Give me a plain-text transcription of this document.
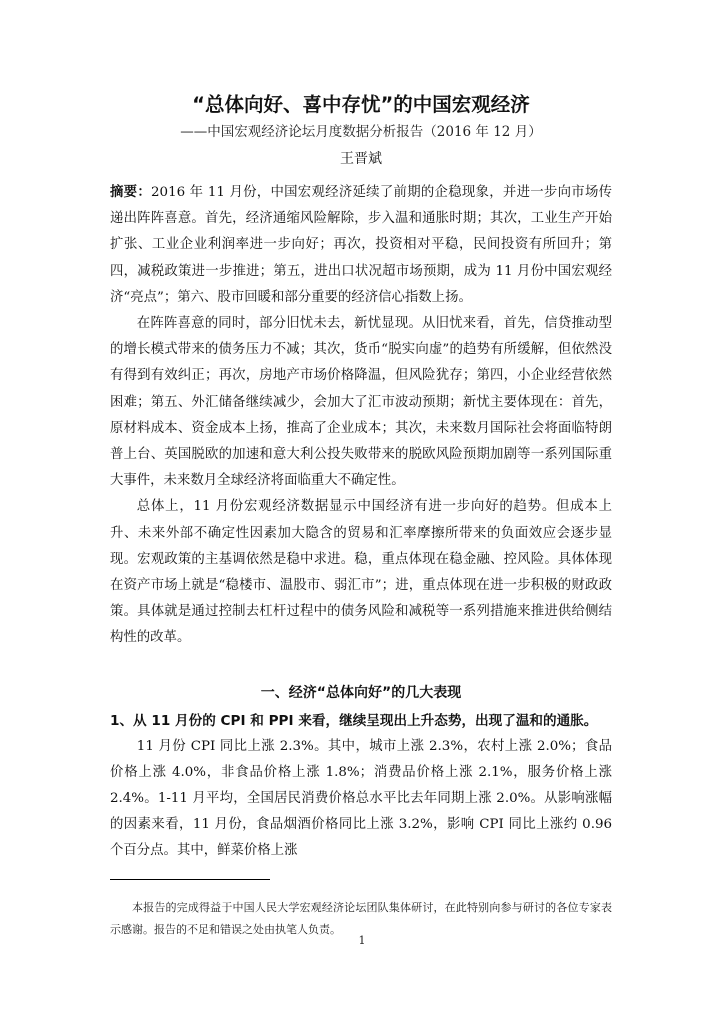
“总体向好、喜中存忧”的中国宏观经济

——中国宏观经济论坛月度数据分析报告（2016 年 12 月）

王晋斌

摘要：2016 年 11 月份，中国宏观经济延续了前期的企稳现象，并进一步向市场传递出阵阵喜意。首先，经济通缩风险解除，步入温和通胀时期；其次，工业生产开始扩张、工业企业利润率进一步向好；再次，投资相对平稳，民间投资有所回升；第四，减税政策进一步推进；第五，进出口状况超市场预期，成为 11 月份中国宏观经济“亮点”；第六、股市回暖和部分重要的经济信心指数上扬。

在阵阵喜意的同时，部分旧忧未去，新忧显现。从旧忧来看，首先，信贷推动型的增长模式带来的债务压力不减；其次，货币“脱实向虚”的趋势有所缓解，但依然没有得到有效纠正；再次，房地产市场价格降温，但风险犹存；第四，小企业经营依然困难；第五、外汇储备继续减少，会加大了汇市波动预期；新忧主要体现在：首先，原材料成本、资金成本上扬，推高了企业成本；其次，未来数月国际社会将面临特朗普上台、英国脱欧的加速和意大利公投失败带来的脱欧风险预期加剧等一系列国际重大事件，未来数月全球经济将面临重大不确定性。

总体上，11 月份宏观经济数据显示中国经济有进一步向好的趋势。但成本上升、未来外部不确定性因素加大隐含的贸易和汇率摩擦所带来的负面效应会逐步显现。宏观政策的主基调依然是稳中求进。稳，重点体现在稳金融、控风险。具体体现在资产市场上就是“稳楼市、温股市、弱汇市”；进，重点体现在进一步积极的财政政策。具体就是通过控制去杠杆过程中的债务风险和减税等一系列措施来推进供给侧结构性的改革。

一、经济“总体向好”的几大表现
1、从 11 月份的 CPI 和 PPI 来看，继续呈现出上升态势，出现了温和的通胀。

11 月份 CPI 同比上涨 2.3%。其中，城市上涨 2.3%，农村上涨 2.0%；食品价格上涨 4.0%，非食品价格上涨 1.8%；消费品价格上涨 2.1%，服务价格上涨 2.4%。1-11 月平均，全国居民消费价格总水平比去年同期上涨 2.0%。从影响涨幅的因素来看，11 月份，食品烟酒价格同比上涨 3.2%，影响 CPI 同比上涨约 0.96 个百分点。其中，鲜菜价格上涨

本报告的完成得益于中国人民大学宏观经济论坛团队集体研讨，在此特别向参与研讨的各位专家表示感谢。报告的不足和错误之处由执笔人负责。

1
